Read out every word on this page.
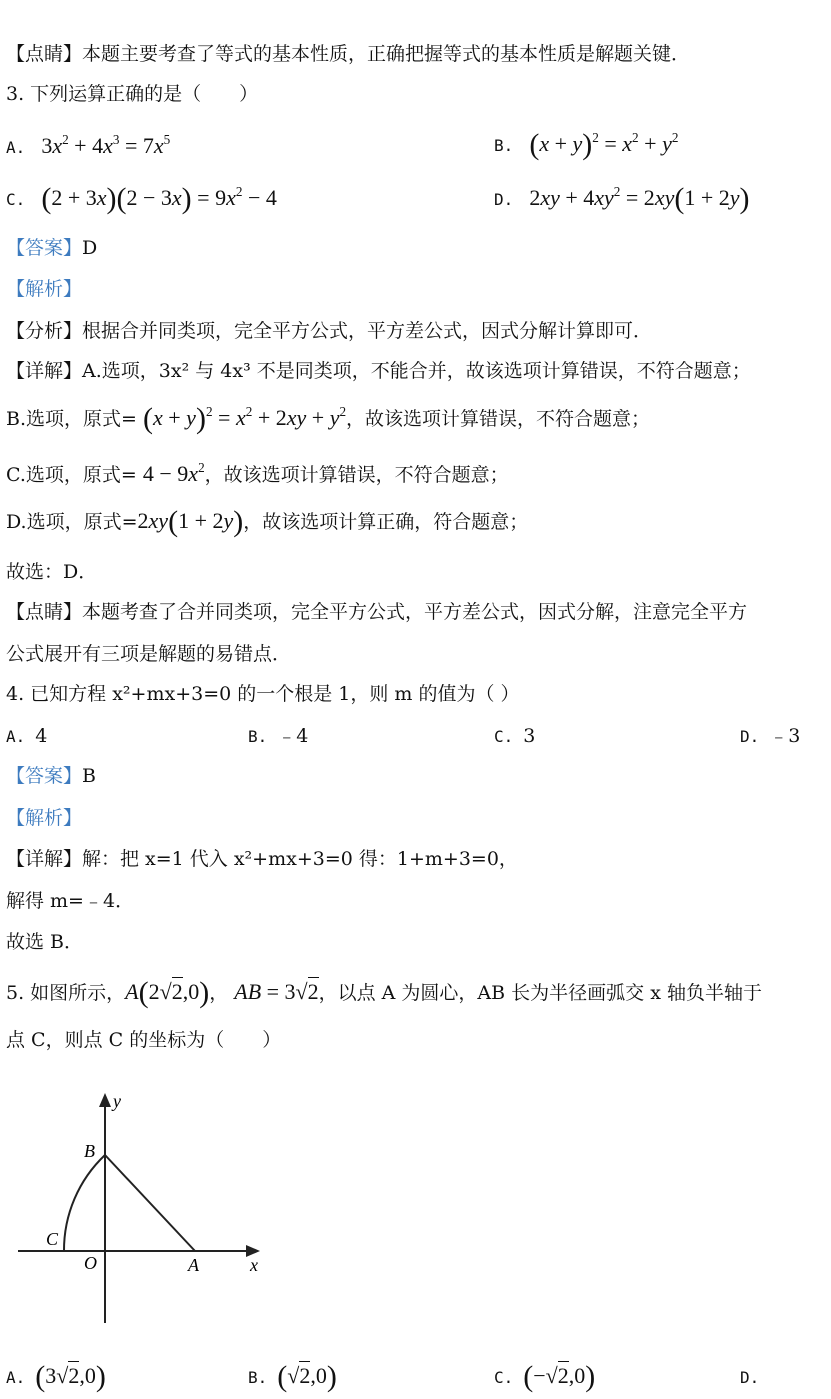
【点睛】本题主要考查了等式的基本性质，正确把握等式的基本性质是解题关键．
3. 下列运算正确的是（　　）
A. $3x^2 + 4x^3 = 7x^5$	B. $(x + y)^2 = x^2 + y^2$
C. $(2 + 3x)(2 - 3x) = 9x^2 - 4$	D. $2xy + 4xy^2 = 2xy(1 + 2y)$
【答案】D
【解析】
【分析】根据合并同类项，完全平方公式，平方差公式，因式分解计算即可．
【详解】A.选项，3x² 与 4x³ 不是同类项，不能合并，故该选项计算错误，不符合题意；
B.选项，原式= $(x + y)^2 = x^2 + 2xy + y^2$，故该选项计算错误，不符合题意；
C.选项，原式= $4 - 9x^2$，故该选项计算错误，不符合题意；
D.选项，原式=2xy(1 + 2y)，故该选项计算正确，符合题意；
故选：D．
【点睛】本题考查了合并同类项，完全平方公式，平方差公式，因式分解，注意完全平方
公式展开有三项是解题的易错点．
4. 已知方程 x²+mx+3=0 的一个根是 1，则 m 的值为（ ）
A. 4	B. ﹣4	C. 3	D. ﹣3
【答案】B
【解析】
【详解】解：把 x=1 代入 x²+mx+3=0 得：1+m+3=0，
解得 m=﹣4．
故选 B．
5. 如图所示，A(2√2,0)， AB = 3√2，以点 A 为圆心，AB 长为半径画弧交 x 轴负半轴于
点 C，则点 C 的坐标为（　　）
y
B
C
O	A	x
A. (3√2,0)	B. (√2,0)	C. (−√2,0)	D.
